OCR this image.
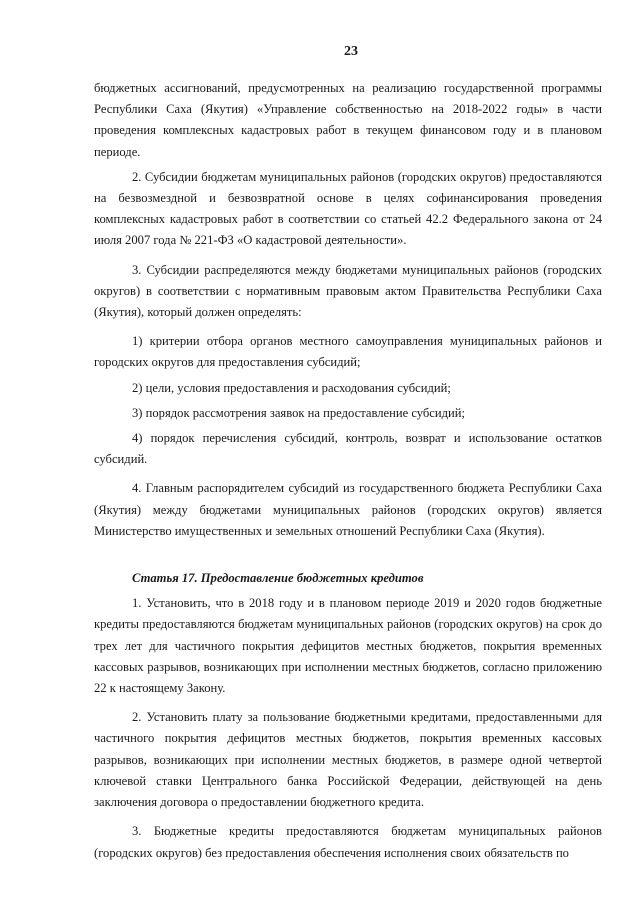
23

бюджетных ассигнований, предусмотренных на реализацию государственной программы Республики Саха (Якутия) «Управление собственностью на 2018-2022 годы» в части проведения комплексных кадастровых работ в текущем финансовом году и в плановом периоде.

2. Субсидии бюджетам муниципальных районов (городских округов) предоставляются на безвозмездной и безвозвратной основе в целях софинансирования проведения комплексных кадастровых работ в соответствии со статьей 42.2 Федерального закона от 24 июля 2007 года № 221-ФЗ «О кадастровой деятельности».

3. Субсидии распределяются между бюджетами муниципальных районов (городских округов) в соответствии с нормативным правовым актом Правительства Республики Саха (Якутия), который должен определять:

1) критерии отбора органов местного самоуправления муниципальных районов и городских округов для предоставления субсидий;

2) цели, условия предоставления и расходования субсидий;

3) порядок рассмотрения заявок на предоставление субсидий;

4) порядок перечисления субсидий, контроль, возврат и использование остатков субсидий.

4. Главным распорядителем субсидий из государственного бюджета Республики Саха (Якутия) между бюджетами муниципальных районов (городских округов) является Министерство имущественных и земельных отношений Республики Саха (Якутия).

Статья 17. Предоставление бюджетных кредитов

1. Установить, что в 2018 году и в плановом периоде 2019 и 2020 годов бюджетные кредиты предоставляются бюджетам муниципальных районов (городских округов) на срок до трех лет для частичного покрытия дефицитов местных бюджетов, покрытия временных кассовых разрывов, возникающих при исполнении местных бюджетов, согласно приложению 22 к настоящему Закону.

2. Установить плату за пользование бюджетными кредитами, предоставленными для частичного покрытия дефицитов местных бюджетов, покрытия временных кассовых разрывов, возникающих при исполнении местных бюджетов, в размере одной четвертой ключевой ставки Центрального банка Российской Федерации, действующей на день заключения договора о предоставлении бюджетного кредита.

3. Бюджетные кредиты предоставляются бюджетам муниципальных районов (городских округов) без предоставления обеспечения исполнения своих обязательств по
